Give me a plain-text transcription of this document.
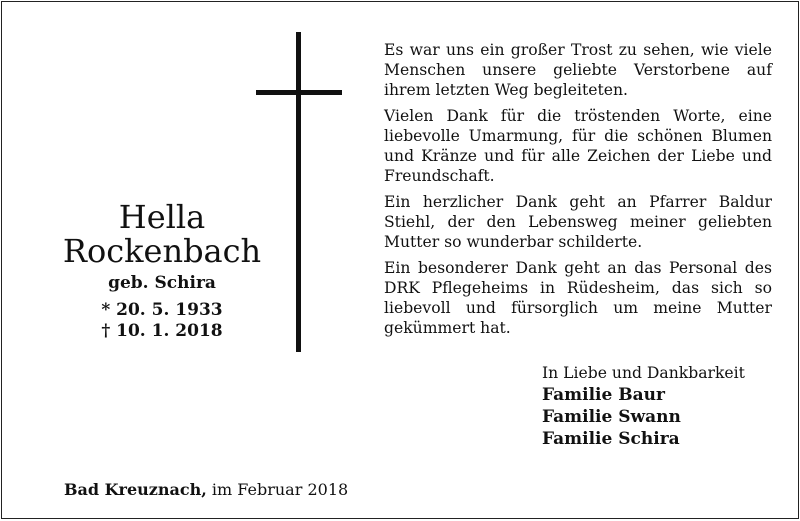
Hella
Rockenbach
geb. Schira
* 20. 5. 1933
† 10. 1. 2018

Es war uns ein großer Trost zu sehen, wie viele Menschen unsere geliebte Verstorbene auf ihrem letzten Weg begleiteten.

Vielen Dank für die tröstenden Worte, eine liebevolle Umarmung, für die schönen Blumen und Kränze und für alle Zeichen der Liebe und Freundschaft.

Ein herzlicher Dank geht an Pfarrer Baldur Stiehl, der den Lebensweg meiner geliebten Mutter so wunderbar schilderte.

Ein besonderer Dank geht an das Personal des DRK Pflegeheims in Rüdesheim, das sich so liebevoll und fürsorglich um meine Mutter gekümmert hat.

In Liebe und Dankbarkeit
Familie Baur
Familie Swann
Familie Schira
Bad Kreuznach, im Februar 2018
